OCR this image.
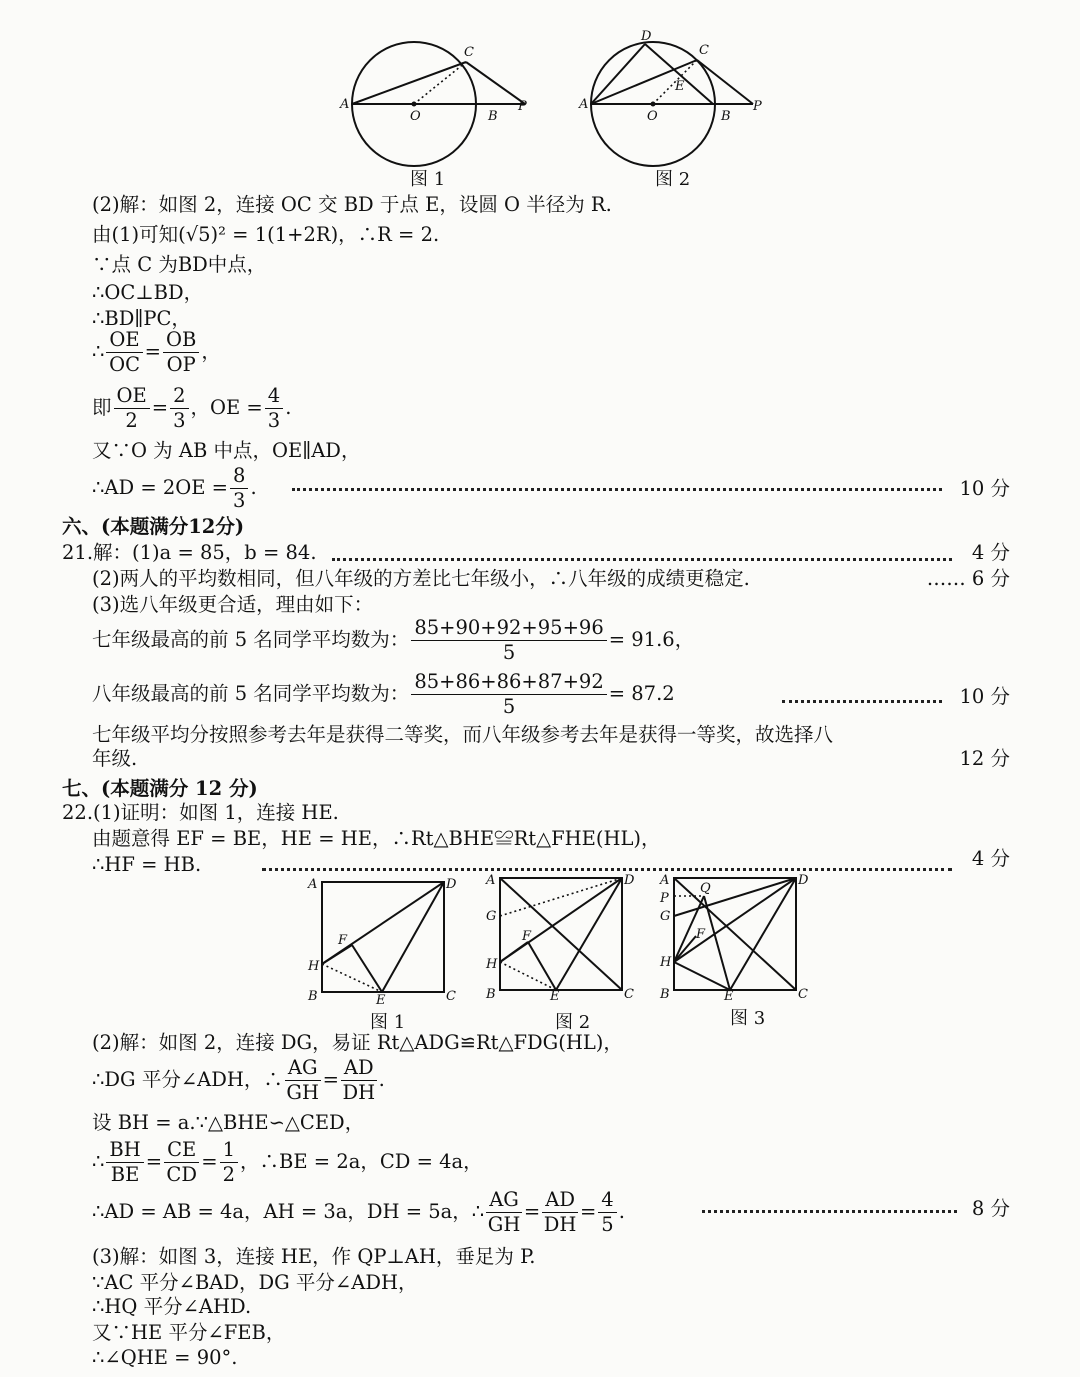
A
O	B
C
P
图 1
A
D
C
E
O	B
P
图 2
(2)解：如图 2，连接 OC 交 BD 于点 E，设圆 O 半径为 R.
由(1)可知(√5)² = 1(1+2R)，∴R = 2.
∵点 C 为BD中点，
∴OC⊥BD，
∴BD∥PC，
∴ $\frac{OE}{OC} = \frac{OB}{OP}$ ，
即 $\frac{OE}{2} = \frac{2}{3}$ ，OE = $\frac{4}{3}$ .
又∵O 为 AB 中点，OE∥AD，
∴AD = $2OE = \frac{8}{3}$ .	10 分
六、(本题满分12分)
21.解：(1)a = 85，b = 84.	4 分
(2)两人的平均数相同，但八年级的方差比七年级小，∴八年级的成绩更稳定.	…… 6 分
(3)选八年级更合适，理由如下：
七年级最高的前 5 名同学平均数为： $\frac{85+90+92+95+96}{5} = 91.6$，
八年级最高的前 5 名同学平均数为： $\frac{85+86+86+87+92}{5} = 87.2$	10 分
七年级平均分按照参考去年是获得二等奖，而八年级参考去年是获得一等奖，故选择八
年级.	12 分
七、(本题满分 12 分)
22.(1)证明：如图 1，连接 HE.
由题意得 EF = BE，HE = HE，∴Rt△BHE≌Rt△FHE(HL)，
∴HF = HB.	4 分
A	D
B	C
E
H
F
图 1
A	D
G
H
B	C
E
F
图 2
A	D
P
G
Q
F
H
B	C
E
图 3
(2)解：如图 2，连接 DG，易证 Rt△ADG≌Rt△FDG(HL)，
∴DG 平分∠ADH，∴ $\frac{AG}{GH} = \frac{AD}{DH}$ .
设 BH = a.∵△BHE∽△CED，
∴ $\frac{BH}{BE} = \frac{CE}{CD} = \frac{1}{2}$ ，∴BE = 2a，CD = 4a，
∴AD = AB = 4a，AH = 3a，DH = 5a，∴ $\frac{AG}{GH} = \frac{AD}{DH} = \frac{4}{5}$ .	8 分
(3)解：如图 3，连接 HE，作 QP⊥AH，垂足为 P.
∵AC 平分∠BAD，DG 平分∠ADH，
∴HQ 平分∠AHD.
又∵HE 平分∠FEB，
∴∠QHE = 90°.
